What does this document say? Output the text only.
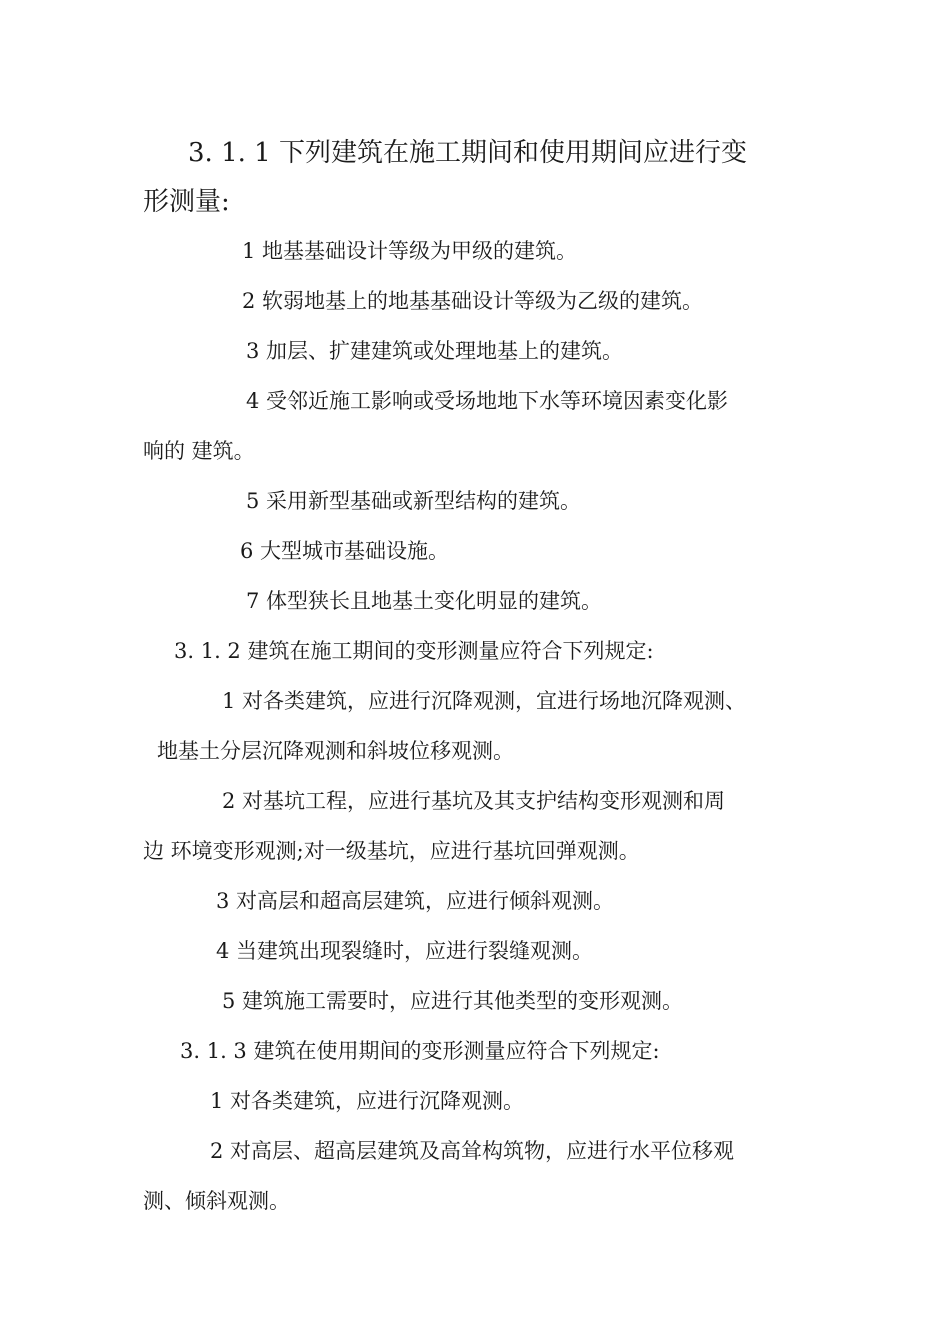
3. 1. 1 下列建筑在施工期间和使用期间应进行变
形测量:
1 地基基础设计等级为甲级的建筑。
2 软弱地基上的地基基础设计等级为乙级的建筑。
3 加层、扩建建筑或处理地基上的建筑。
4 受邻近施工影响或受场地地下水等环境因素变化影
响的 建筑。
5 采用新型基础或新型结构的建筑。
6 大型城市基础设施。
7 体型狭长且地基土变化明显的建筑。
3. 1. 2 建筑在施工期间的变形测量应符合下列规定:
1 对各类建筑，应进行沉降观测，宜进行场地沉降观测、
地基土分层沉降观测和斜坡位移观测。
2 对基坑工程，应进行基坑及其支护结构变形观测和周
边 环境变形观测;对一级基坑，应进行基坑回弹观测。
3 对高层和超高层建筑，应进行倾斜观测。
4 当建筑出现裂缝时，应进行裂缝观测。
5 建筑施工需要时，应进行其他类型的变形观测。
3. 1. 3 建筑在使用期间的变形测量应符合下列规定:
1 对各类建筑，应进行沉降观测。
2 对高层、超高层建筑及高耸构筑物，应进行水平位移观
测、倾斜观测。
